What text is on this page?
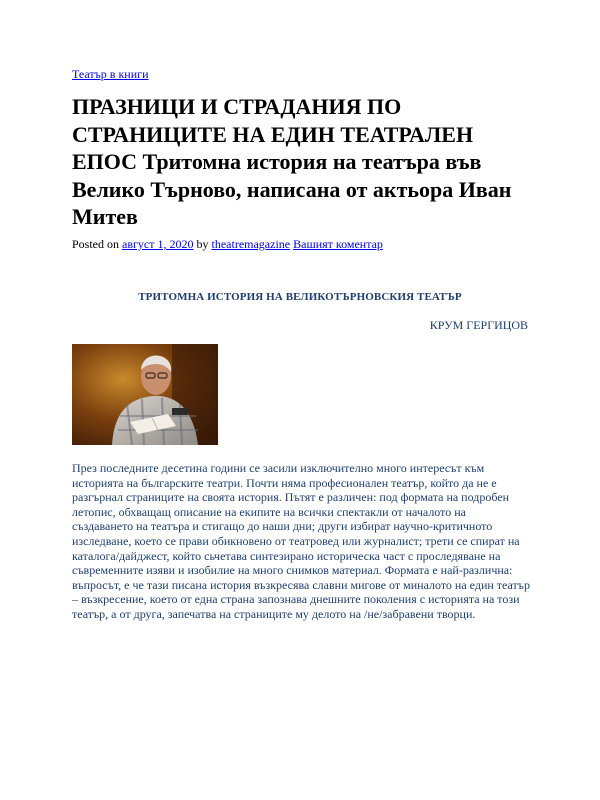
Театър в книги
ПРАЗНИЦИ И СТРАДАНИЯ ПО СТРАНИЦИТЕ НА ЕДИН ТЕАТРАЛЕН ЕПОС Тритомна история на театъра във Велико Търново, написана от актьора Иван Митев
Posted on август 1, 2020 by theatremagazine Вашият коментар
ТРИТОМНА ИСТОРИЯ НА ВЕЛИКОТЪРНОВСКИЯ ТЕАТЪР
КРУМ ГЕРГИЦОВ

През последните десетина години се засили изключително много интересът към историята на българските театри. Почти няма професионален театър, който да не е разгърнал страниците на своята история. Пътят е различен: под формата на подробен летопис, обхващащ описание на екипите на всички спектакли от началото на създаването на театъра и стигащо до наши дни; други избират научно-критичното изследване, което се прави обикновено от театровед или журналист; трети се спират на каталога/дайджест, който сьчетава синтезирано историческа част с проследяване на съвременните изяви и изобилие на много снимков материал. Формата е най-различна: въпросът, е че тази писана история възкресява славни мигове от миналото на един театър – възкресение, което от една страна запознава днешните поколения с историята на този театър, а от друга, запечатва на страниците му делото на /не/забравени творци.
